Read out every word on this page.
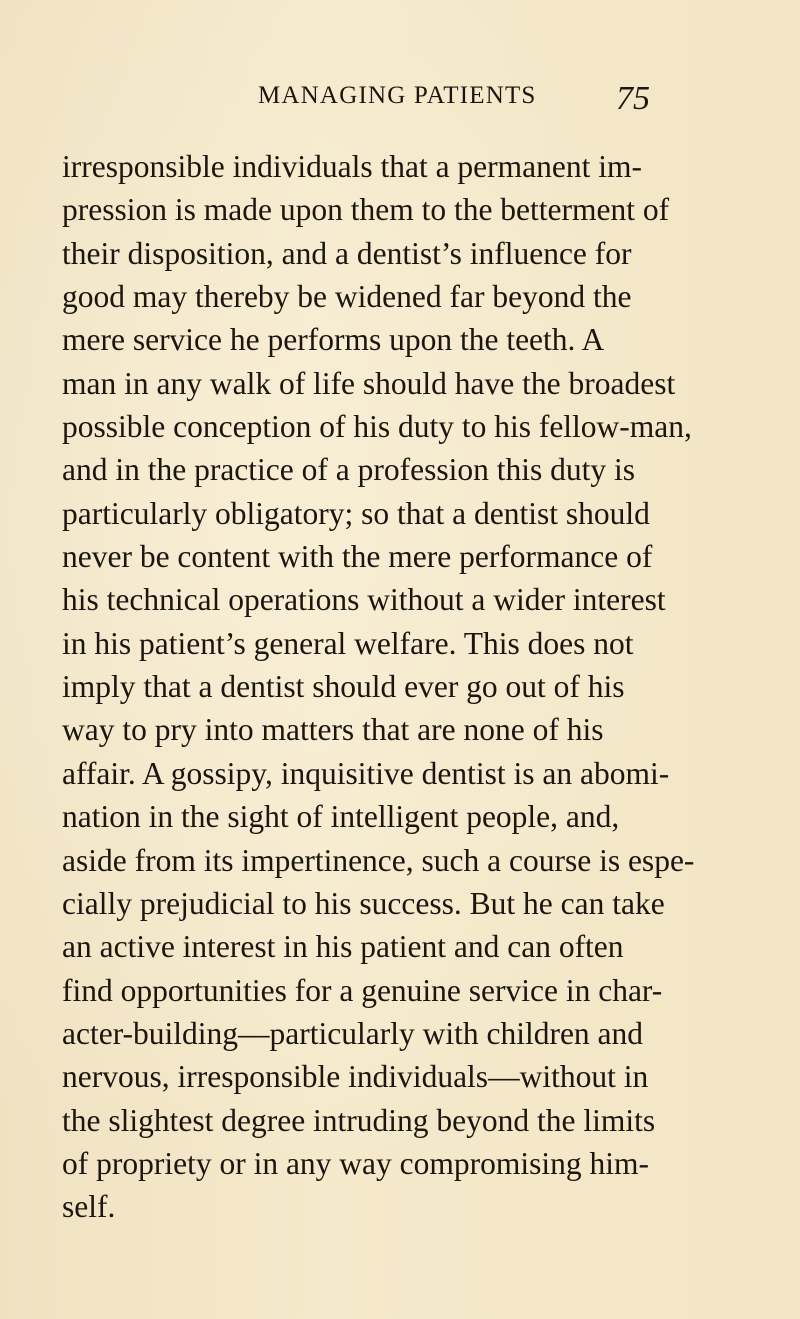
MANAGING PATIENTS 75
irresponsible individuals that a permanent im-
pression is made upon them to the betterment of
their disposition, and a dentist’s influence for
good may thereby be widened far beyond the
mere service he performs upon the teeth. A
man in any walk of life should have the broadest
possible conception of his duty to his fellow-man,
and in the practice of a profession this duty is
particularly obligatory; so that a dentist should
never be content with the mere performance of
his technical operations without a wider interest
in his patient’s general welfare. This does not
imply that a dentist should ever go out of his
way to pry into matters that are none of his
affair. A gossipy, inquisitive dentist is an abomi-
nation in the sight of intelligent people, and,
aside from its impertinence, such a course is espe-
cially prejudicial to his success. But he can take
an active interest in his patient and can often
find opportunities for a genuine service in char-
acter-building—particularly with children and
nervous, irresponsible individuals—without in
the slightest degree intruding beyond the limits
of propriety or in any way compromising him-
self.
